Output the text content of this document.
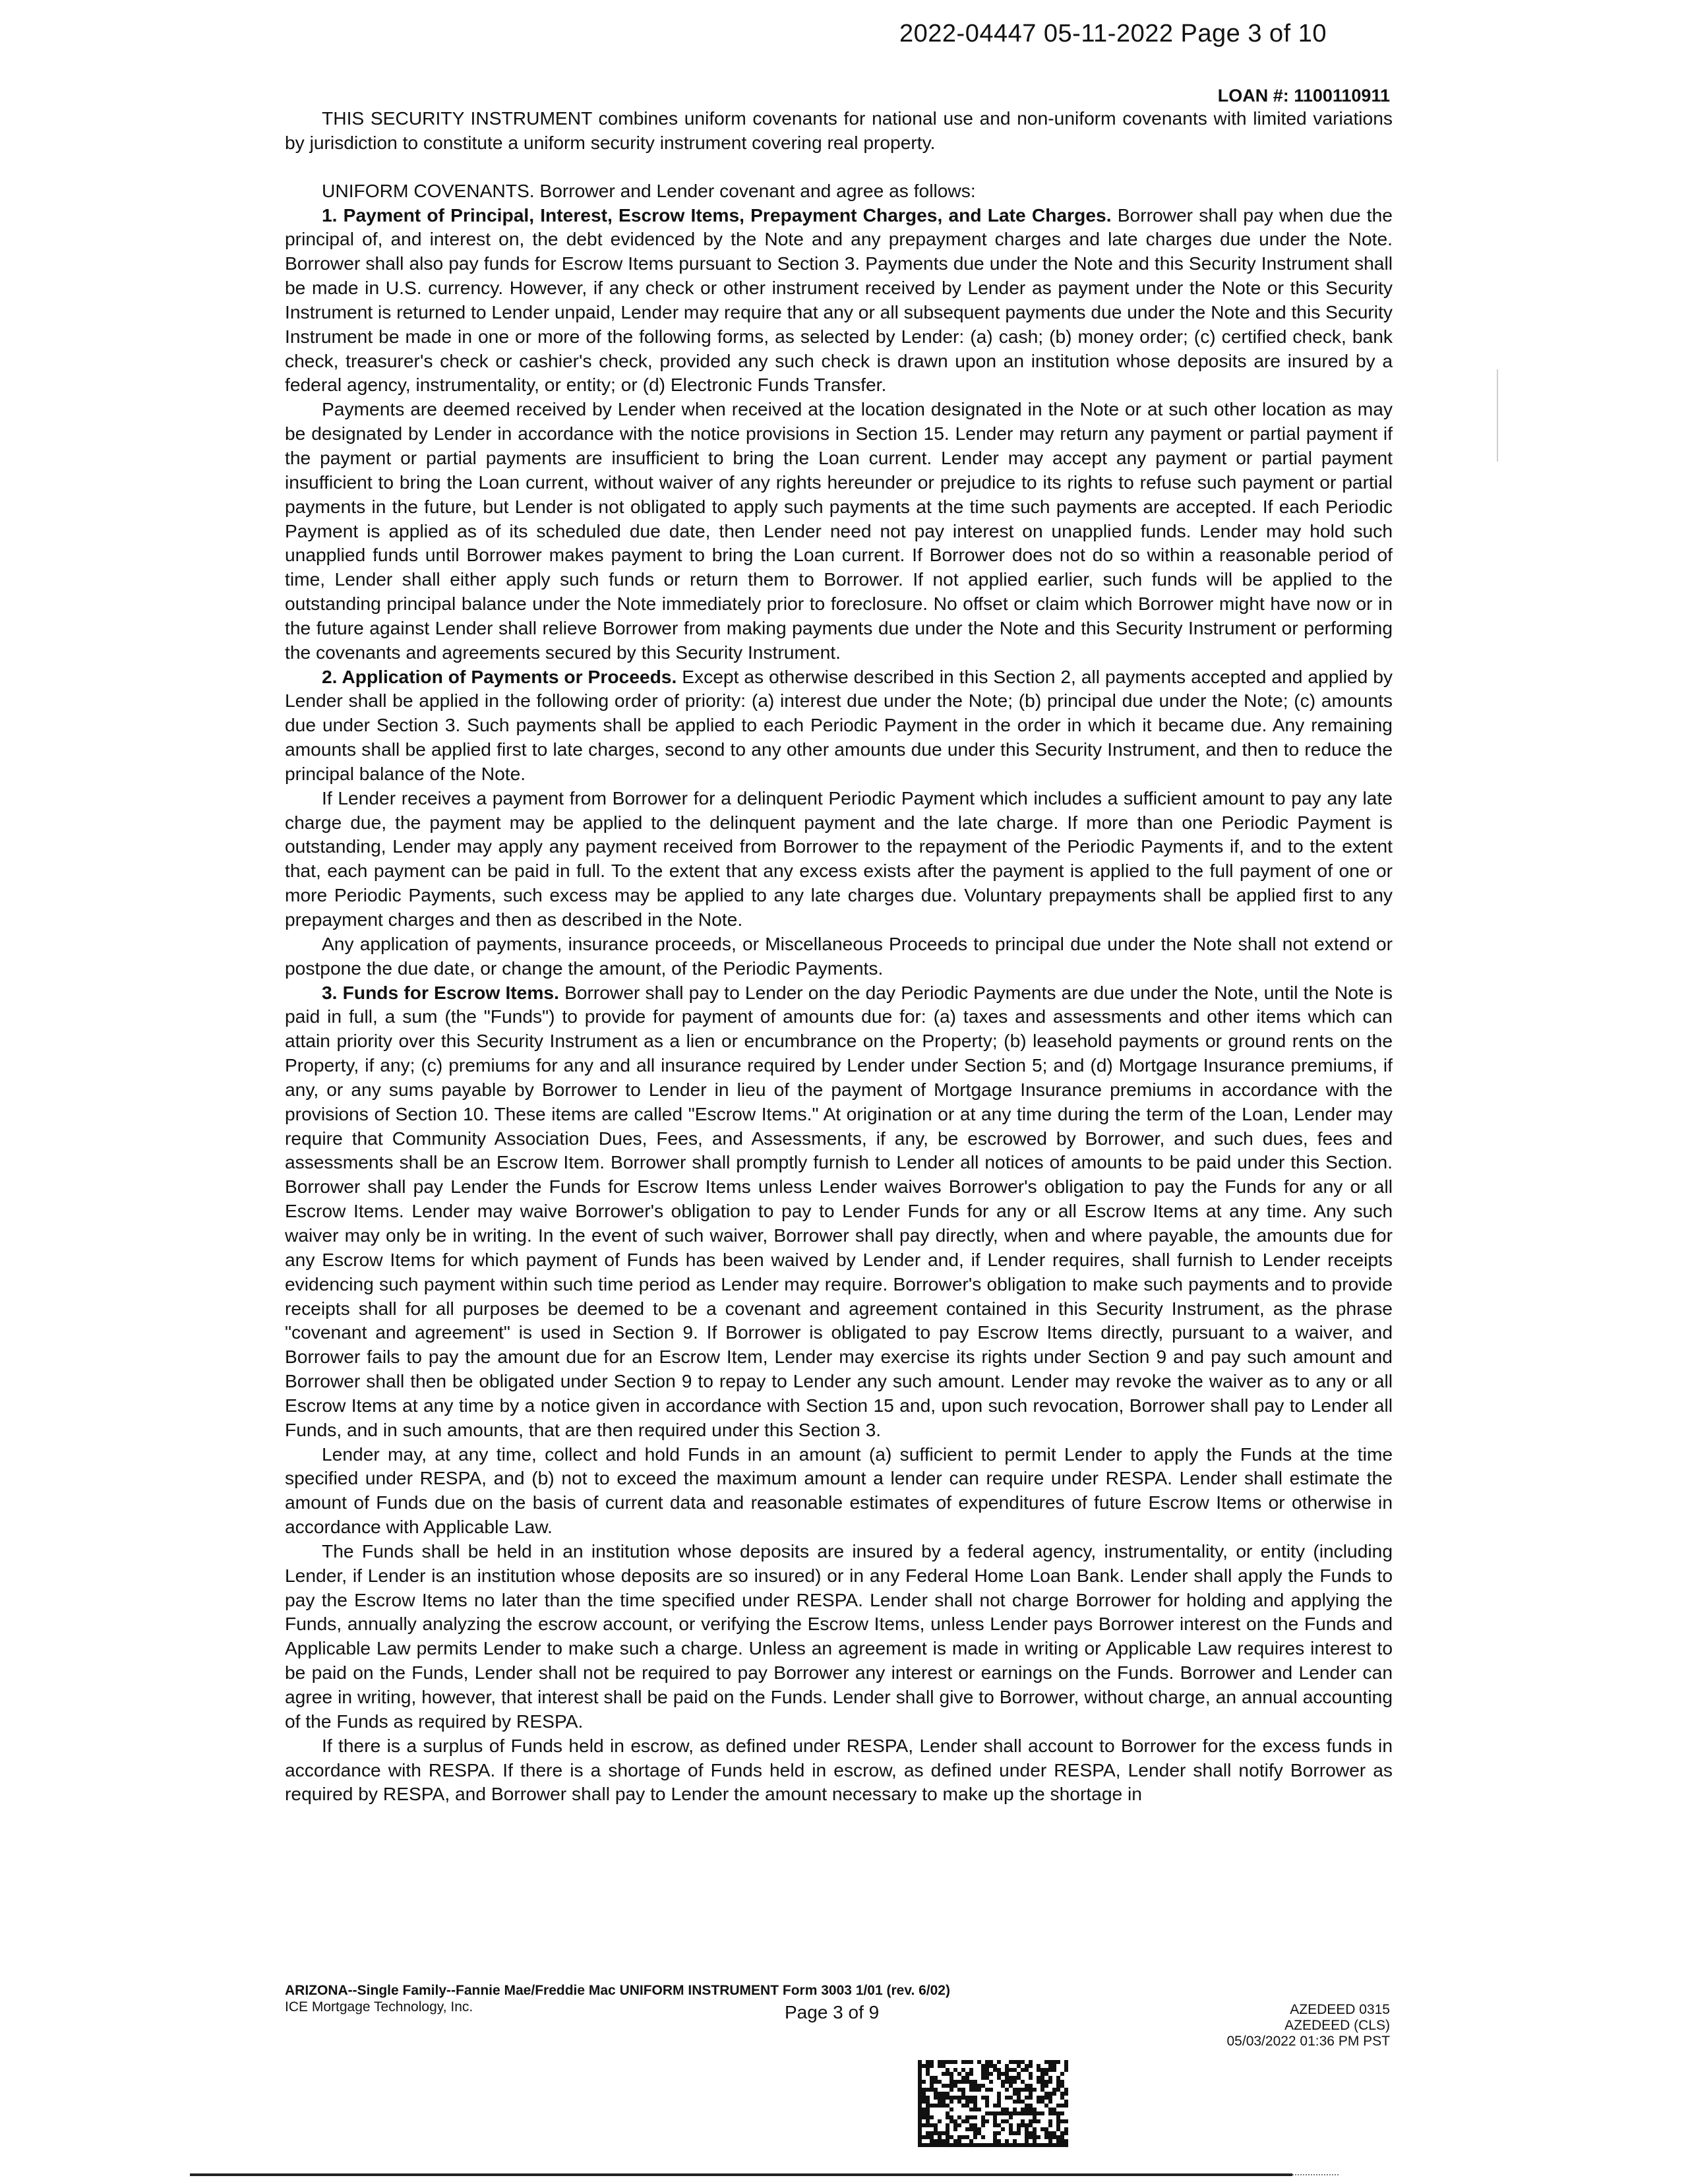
2022-04447 05-11-2022 Page 3 of 10
LOAN #: 1100110911

THIS SECURITY INSTRUMENT combines uniform covenants for national use and non-uniform covenants with limited variations by jurisdiction to constitute a uniform security instrument covering real property.

UNIFORM COVENANTS. Borrower and Lender covenant and agree as follows:

1. Payment of Principal, Interest, Escrow Items, Prepayment Charges, and Late Charges. Borrower shall pay when due the principal of, and interest on, the debt evidenced by the Note and any prepayment charges and late charges due under the Note. Borrower shall also pay funds for Escrow Items pursuant to Section 3. Payments due under the Note and this Security Instrument shall be made in U.S. currency. However, if any check or other instrument received by Lender as payment under the Note or this Security Instrument is returned to Lender unpaid, Lender may require that any or all subsequent payments due under the Note and this Security Instrument be made in one or more of the following forms, as selected by Lender: (a) cash; (b) money order; (c) certified check, bank check, treasurer's check or cashier's check, provided any such check is drawn upon an institution whose deposits are insured by a federal agency, instrumentality, or entity; or (d) Electronic Funds Transfer.

Payments are deemed received by Lender when received at the location designated in the Note or at such other location as may be designated by Lender in accordance with the notice provisions in Section 15. Lender may return any payment or partial payment if the payment or partial payments are insufficient to bring the Loan current. Lender may accept any payment or partial payment insufficient to bring the Loan current, without waiver of any rights hereunder or prejudice to its rights to refuse such payment or partial payments in the future, but Lender is not obligated to apply such payments at the time such payments are accepted. If each Periodic Payment is applied as of its scheduled due date, then Lender need not pay interest on unapplied funds. Lender may hold such unapplied funds until Borrower makes payment to bring the Loan current. If Borrower does not do so within a reasonable period of time, Lender shall either apply such funds or return them to Borrower. If not applied earlier, such funds will be applied to the outstanding principal balance under the Note immediately prior to foreclosure. No offset or claim which Borrower might have now or in the future against Lender shall relieve Borrower from making payments due under the Note and this Security Instrument or performing the covenants and agreements secured by this Security Instrument.

2. Application of Payments or Proceeds. Except as otherwise described in this Section 2, all payments accepted and applied by Lender shall be applied in the following order of priority: (a) interest due under the Note; (b) principal due under the Note; (c) amounts due under Section 3. Such payments shall be applied to each Periodic Payment in the order in which it became due. Any remaining amounts shall be applied first to late charges, second to any other amounts due under this Security Instrument, and then to reduce the principal balance of the Note.

If Lender receives a payment from Borrower for a delinquent Periodic Payment which includes a sufficient amount to pay any late charge due, the payment may be applied to the delinquent payment and the late charge. If more than one Periodic Payment is outstanding, Lender may apply any payment received from Borrower to the repayment of the Periodic Payments if, and to the extent that, each payment can be paid in full. To the extent that any excess exists after the payment is applied to the full payment of one or more Periodic Payments, such excess may be applied to any late charges due. Voluntary prepayments shall be applied first to any prepayment charges and then as described in the Note.

Any application of payments, insurance proceeds, or Miscellaneous Proceeds to principal due under the Note shall not extend or postpone the due date, or change the amount, of the Periodic Payments.

3. Funds for Escrow Items. Borrower shall pay to Lender on the day Periodic Payments are due under the Note, until the Note is paid in full, a sum (the "Funds") to provide for payment of amounts due for: (a) taxes and assessments and other items which can attain priority over this Security Instrument as a lien or encumbrance on the Property; (b) leasehold payments or ground rents on the Property, if any; (c) premiums for any and all insurance required by Lender under Section 5; and (d) Mortgage Insurance premiums, if any, or any sums payable by Borrower to Lender in lieu of the payment of Mortgage Insurance premiums in accordance with the provisions of Section 10. These items are called "Escrow Items." At origination or at any time during the term of the Loan, Lender may require that Community Association Dues, Fees, and Assessments, if any, be escrowed by Borrower, and such dues, fees and assessments shall be an Escrow Item. Borrower shall promptly furnish to Lender all notices of amounts to be paid under this Section. Borrower shall pay Lender the Funds for Escrow Items unless Lender waives Borrower's obligation to pay the Funds for any or all Escrow Items. Lender may waive Borrower's obligation to pay to Lender Funds for any or all Escrow Items at any time. Any such waiver may only be in writing. In the event of such waiver, Borrower shall pay directly, when and where payable, the amounts due for any Escrow Items for which payment of Funds has been waived by Lender and, if Lender requires, shall furnish to Lender receipts evidencing such payment within such time period as Lender may require. Borrower's obligation to make such payments and to provide receipts shall for all purposes be deemed to be a covenant and agreement contained in this Security Instrument, as the phrase "covenant and agreement" is used in Section 9. If Borrower is obligated to pay Escrow Items directly, pursuant to a waiver, and Borrower fails to pay the amount due for an Escrow Item, Lender may exercise its rights under Section 9 and pay such amount and Borrower shall then be obligated under Section 9 to repay to Lender any such amount. Lender may revoke the waiver as to any or all Escrow Items at any time by a notice given in accordance with Section 15 and, upon such revocation, Borrower shall pay to Lender all Funds, and in such amounts, that are then required under this Section 3.

Lender may, at any time, collect and hold Funds in an amount (a) sufficient to permit Lender to apply the Funds at the time specified under RESPA, and (b) not to exceed the maximum amount a lender can require under RESPA. Lender shall estimate the amount of Funds due on the basis of current data and reasonable estimates of expenditures of future Escrow Items or otherwise in accordance with Applicable Law.

The Funds shall be held in an institution whose deposits are insured by a federal agency, instrumentality, or entity (including Lender, if Lender is an institution whose deposits are so insured) or in any Federal Home Loan Bank. Lender shall apply the Funds to pay the Escrow Items no later than the time specified under RESPA. Lender shall not charge Borrower for holding and applying the Funds, annually analyzing the escrow account, or verifying the Escrow Items, unless Lender pays Borrower interest on the Funds and Applicable Law permits Lender to make such a charge. Unless an agreement is made in writing or Applicable Law requires interest to be paid on the Funds, Lender shall not be required to pay Borrower any interest or earnings on the Funds. Borrower and Lender can agree in writing, however, that interest shall be paid on the Funds. Lender shall give to Borrower, without charge, an annual accounting of the Funds as required by RESPA.

If there is a surplus of Funds held in escrow, as defined under RESPA, Lender shall account to Borrower for the excess funds in accordance with RESPA. If there is a shortage of Funds held in escrow, as defined under RESPA, Lender shall notify Borrower as required by RESPA, and Borrower shall pay to Lender the amount necessary to make up the shortage in

ARIZONA--Single Family--Fannie Mae/Freddie Mac UNIFORM INSTRUMENT Form 3003 1/01 (rev. 6/02)
ICE Mortgage Technology, Inc.	Page 3 of 9	AZEDEED 0315
AZEDEED (CLS)
05/03/2022 01:36 PM PST
